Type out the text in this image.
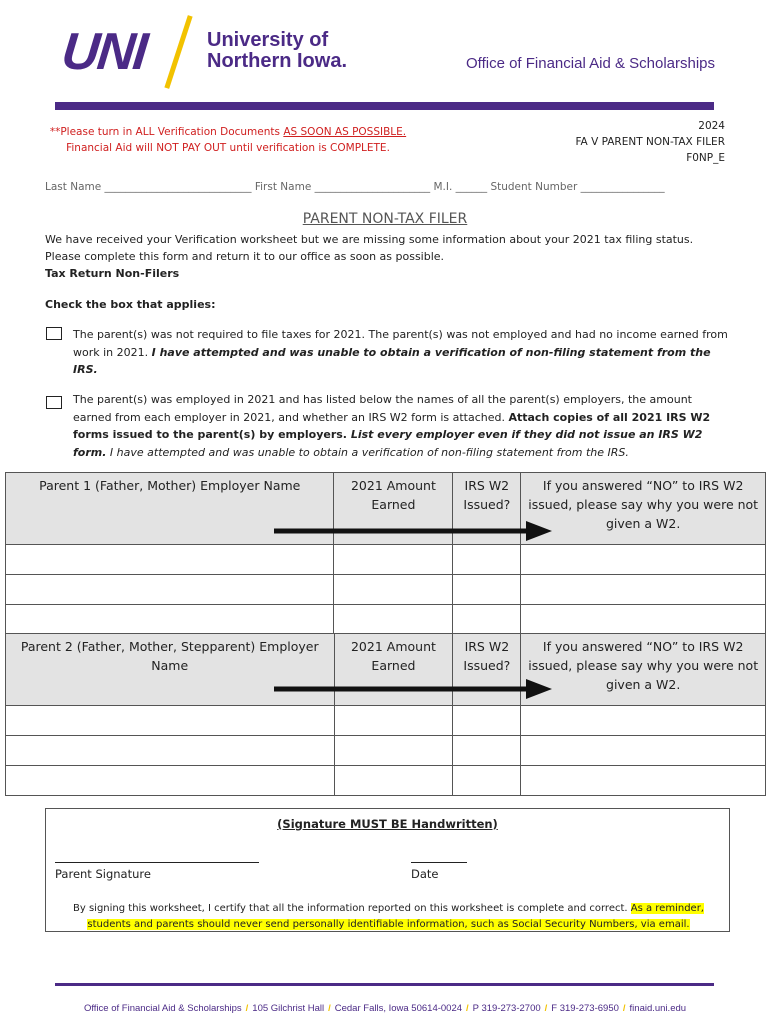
UNI	University of
Northern Iowa.	Office of Financial Aid & Scholarships
**Please turn in ALL Verification Documents AS SOON AS POSSIBLE.
Financial Aid will NOT PAY OUT until verification is COMPLETE.
2024
FA V PARENT NON-TAX FILER
F0NP_E
Last Name ____________________________ First Name ______________________ M.I. ______ Student Number ________________
PARENT NON-TAX FILER
We have received your Verification worksheet but we are missing some information about your 2021 tax filing status.
Please complete this form and return it to our office as soon as possible.
Tax Return Non-Filers
Check the box that applies:
The parent(s) was not required to file taxes for 2021. The parent(s) was not employed and had no income earned from work in 2021. I have attempted and was unable to obtain a verification of non-filing statement from the IRS.
The parent(s) was employed in 2021 and has listed below the names of all the parent(s) employers, the amount earned from each employer in 2021, and whether an IRS W2 form is attached. Attach copies of all 2021 IRS W2 forms issued to the parent(s) by employers. List every employer even if they did not issue an IRS W2 form. I have attempted and was unable to obtain a verification of non-filing statement from the IRS.
Parent 1 (Father, Mother) Employer Name	2021 Amount Earned	IRS W2 Issued?	If you answered “NO” to IRS W2 issued, please say why you were not given a W2.

Parent 2 (Father, Mother, Stepparent) Employer Name	2021 Amount Earned	IRS W2 Issued?	If you answered “NO” to IRS W2 issued, please say why you were not given a W2.

(Signature MUST BE Handwritten)
Parent Signature	Date
By signing this worksheet, I certify that all the information reported on this worksheet is complete and correct. As a reminder,
students and parents should never send personally identifiable information, such as Social Security Numbers, via email.
Office of Financial Aid & Scholarships / 105 Gilchrist Hall / Cedar Falls, Iowa 50614-0024 / P 319-273-2700 / F 319-273-6950 / finaid.uni.edu
